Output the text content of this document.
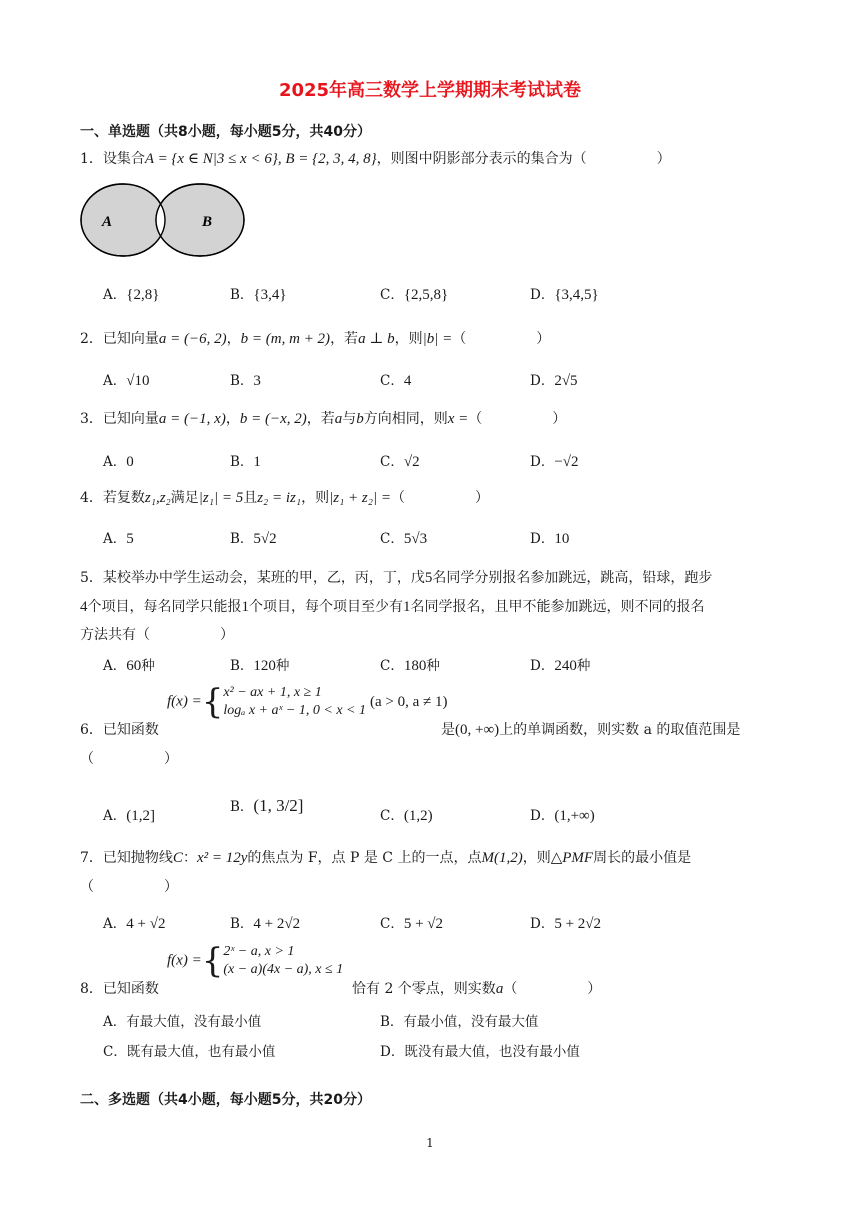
2025年高三数学上学期期末考试试卷
一、单选题（共8小题，每小题5分，共40分）
1．设集合A = {x ∈ N|3 ≤ x < 6}, B = {2, 3, 4, 8}，则图中阴影部分表示的集合为（　　　　　）
A	B
A．{2,8}	B．{3,4}	C．{2,5,8}	D．{3,4,5}
2．已知向量a = (−6, 2)，b = (m, m + 2)，若a ⊥ b，则|b| =（　　　　　）
A．√10	B．3	C．4	D．2√5
3．已知向量a = (−1, x)，b = (−x, 2)，若a与b方向相同，则x =（　　　　　）
A．0	B．1	C．√2	D．−√2
4．若复数z₁,z₂满足|z₁| = 5且z₂ = iz₁，则|z₁ + z₂| =（　　　　　）
A．5	B．5√2	C．5√3	D．10
5．某校举办中学生运动会，某班的甲，乙，丙，丁，戊5名同学分别报名参加跳远，跳高，铅球，跑步
4个项目，每名同学只能报1个项目，每个项目至少有1名同学报名，且甲不能参加跳远，则不同的报名
方法共有（　　　　　）
A．60种	B．120种	C．180种	D．240种
6．已知函数
f(x) ={x² − ax + 1, x ≥ 1
logₐ x + aˣ − 1, 0 < x < 1(a > 0, a ≠ 1)
是(0, +∞)上的单调函数，则实数 a 的取值范围是
（　　　　　）
A．(1,2]
B．(1, 3/2]
C．(1,2)	D．(1,+∞)
7．已知抛物线C：x² = 12y的焦点为 F，点 P 是 C 上的一点，点M(1,2)，则△PMF周长的最小值是
（　　　　　）
A．4 + √2	B．4 + 2√2	C．5 + √2	D．5 + 2√2
8．已知函数
f(x) ={2ˣ − a, x > 1
(x − a)(4x − a), x ≤ 1
恰有 2 个零点，则实数a（　　　　　）
A．有最大值，没有最小值	B．有最小值，没有最大值
C．既有最大值，也有最小值	D．既没有最大值，也没有最小值
二、多选题（共4小题，每小题5分，共20分）
1
